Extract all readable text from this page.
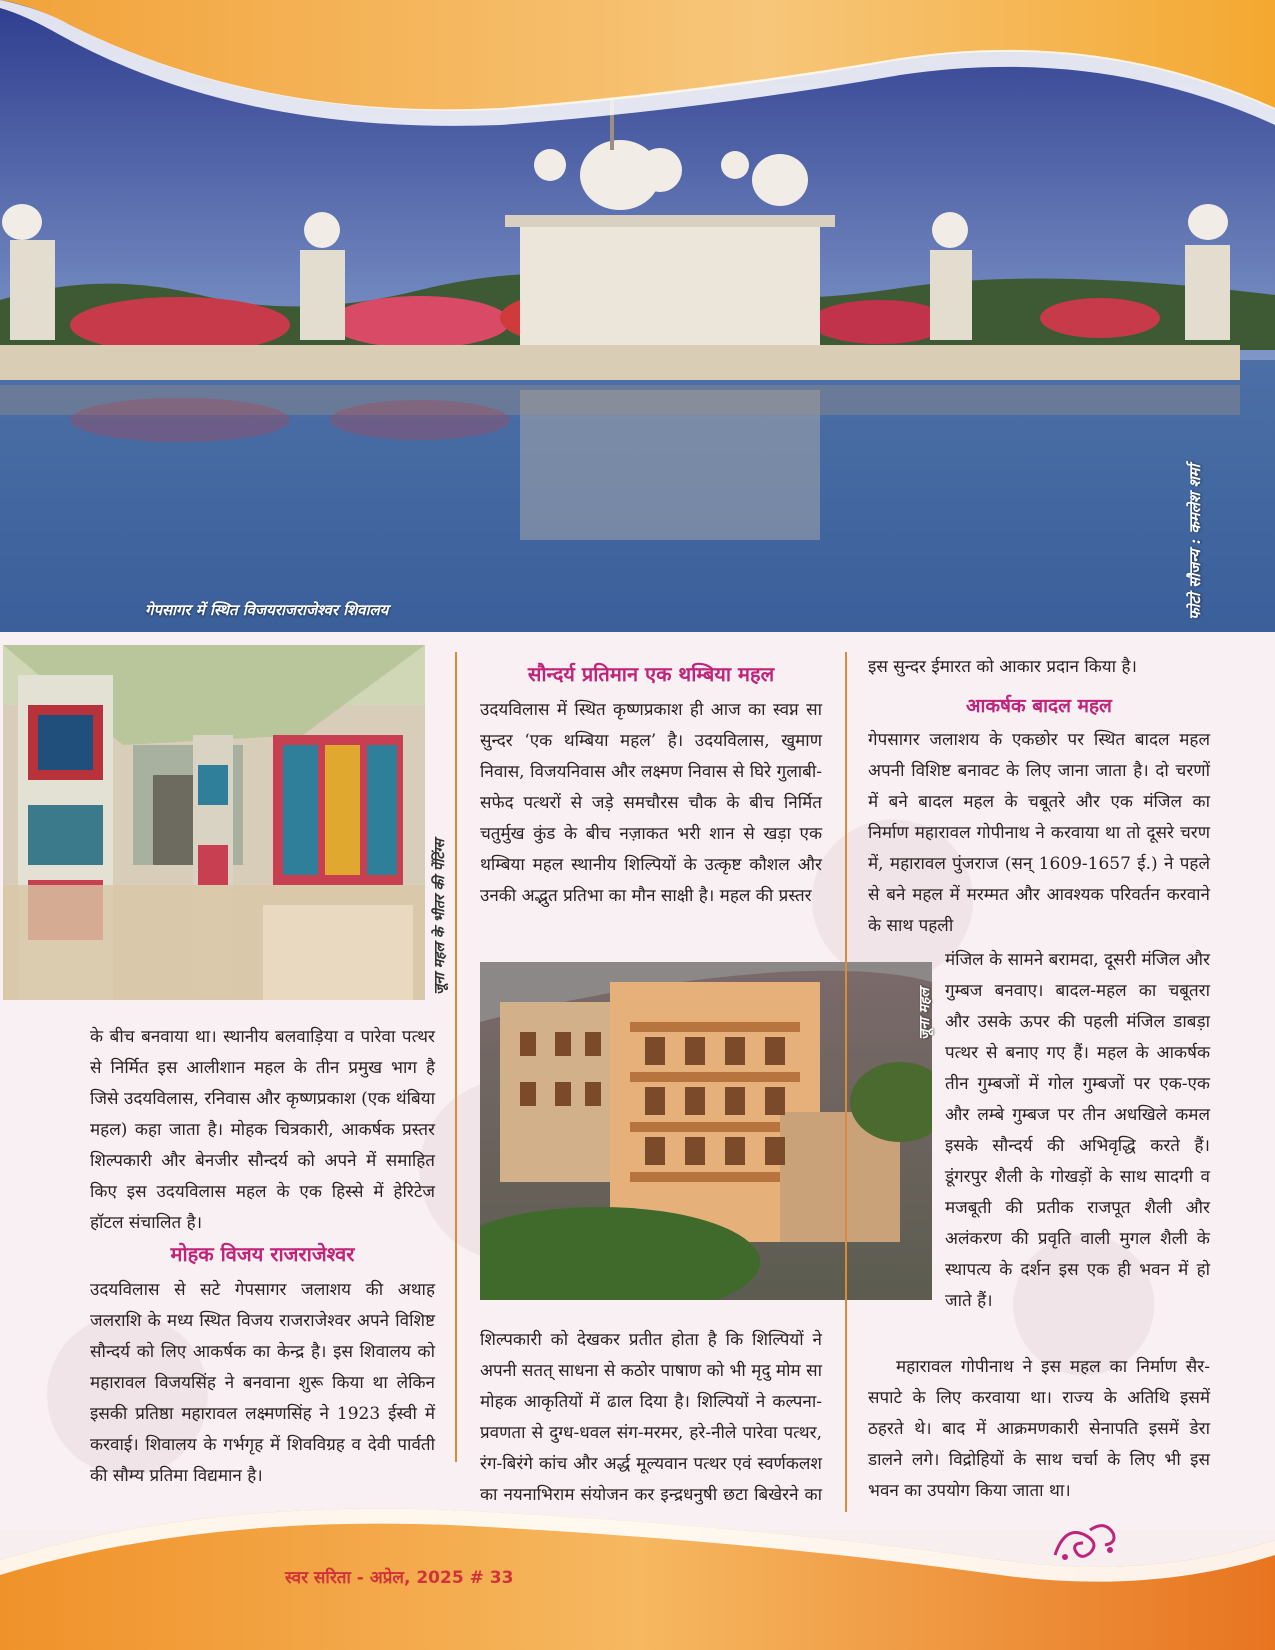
गेपसागर में स्थित विजयराजराजेश्वर शिवालय	फोटो सौजन्य : कमलेश शर्मा
जूना महल के भीतर की पेंटिंग्स
जूना महल
के बीच बनवाया था। स्थानीय बलवाड़िया व पारेवा पत्थर से निर्मित इस आलीशान महल के तीन प्रमुख भाग है जिसे उदयविलास, रनिवास और कृष्णप्रकाश (एक थंबिया महल) कहा जाता है। मोहक चित्रकारी, आकर्षक प्रस्तर शिल्पकारी और बेनजीर सौन्दर्य को अपने में समाहित किए इस उदयविलास महल के एक हिस्से में हेरिटेज हॉटल संचालित है।
मोहक विजय राजराजेश्वर
उदयविलास से सटे गेपसागर जलाशय की अथाह जलराशि के मध्य स्थित विजय राजराजेश्वर अपने विशिष्ट सौन्दर्य को लिए आकर्षक का केन्द्र है। इस शिवालय को महारावल विजयसिंह ने बनवाना शुरू किया था लेकिन इसकी प्रतिष्ठा महारावल लक्ष्मणसिंह ने 1923 ईस्वी में करवाई। शिवालय के गर्भगृह में शिवविग्रह व देवी पार्वती की सौम्य प्रतिमा विद्यमान है।
सौन्दर्य प्रतिमान एक थम्बिया महल
उदयविलास में स्थित कृष्णप्रकाश ही आज का स्वप्न सा सुन्दर ‘एक थम्बिया महल’ है। उदयविलास, खुमाण निवास, विजयनिवास और लक्ष्मण निवास से घिरे गुलाबी-सफेद पत्थरों से जड़े समचौरस चौक के बीच निर्मित चतुर्मुख कुंड के बीच नज़ाकत भरी शान से खड़ा एक थम्बिया महल स्थानीय शिल्पियों के उत्कृष्ट कौशल और उनकी अद्भुत प्रतिभा का मौन साक्षी है। महल की प्रस्तर
शिल्पकारी को देखकर प्रतीत होता है कि शिल्पियों ने अपनी सतत् साधना से कठोर पाषाण को भी मृदु मोम सा मोहक आकृतियों में ढाल दिया है। शिल्पियों ने कल्पना-प्रवणता से दुग्ध-धवल संग-मरमर, हरे-नीले पारेवा पत्थर, रंग-बिरंगे कांच और अर्द्ध मूल्यवान पत्थर एवं स्वर्णकलश का नयनाभिराम संयोजन कर इन्द्रधनुषी छटा बिखेरने का
इस सुन्दर ईमारत को आकार प्रदान किया है।
आकर्षक बादल महल
गेपसागर जलाशय के एकछोर पर स्थित बादल महल अपनी विशिष्ट बनावट के लिए जाना जाता है। दो चरणों में बने बादल महल के चबूतरे और एक मंजिल का निर्माण महारावल गोपीनाथ ने करवाया था तो दूसरे चरण में, महारावल पुंजराज (सन् 1609-1657 ई.) ने पहले से बने महल में मरम्मत और आवश्यक परिवर्तन करवाने के साथ पहली
मंजिल के सामने बरामदा, दूसरी मंजिल और गुम्बज बनवाए। बादल-महल का चबूतरा और उसके ऊपर की पहली मंजिल डाबड़ा पत्थर से बनाए गए हैं। महल के आकर्षक तीन गुम्बजों में गोल गुम्बजों पर एक-एक और लम्बे गुम्बज पर तीन अधखिले कमल इसके सौन्दर्य की अभिवृद्धि करते हैं। डूंगरपुर शैली के गोखड़ों के साथ सादगी व मजबूती की प्रतीक राजपूत शैली और अलंकरण की प्रवृति वाली मुगल शैली के स्थापत्य के दर्शन इस एक ही भवन में हो जाते हैं।
महारावल गोपीनाथ ने इस महल का निर्माण सैर-सपाटे के लिए करवाया था। राज्य के अतिथि इसमें ठहरते थे। बाद में आक्रमणकारी सेनापति इसमें डेरा डालने लगे। विद्रोहियों के साथ चर्चा के लिए भी इस भवन का उपयोग किया जाता था।
स्वर सरिता - अप्रेल, 2025 # 33
